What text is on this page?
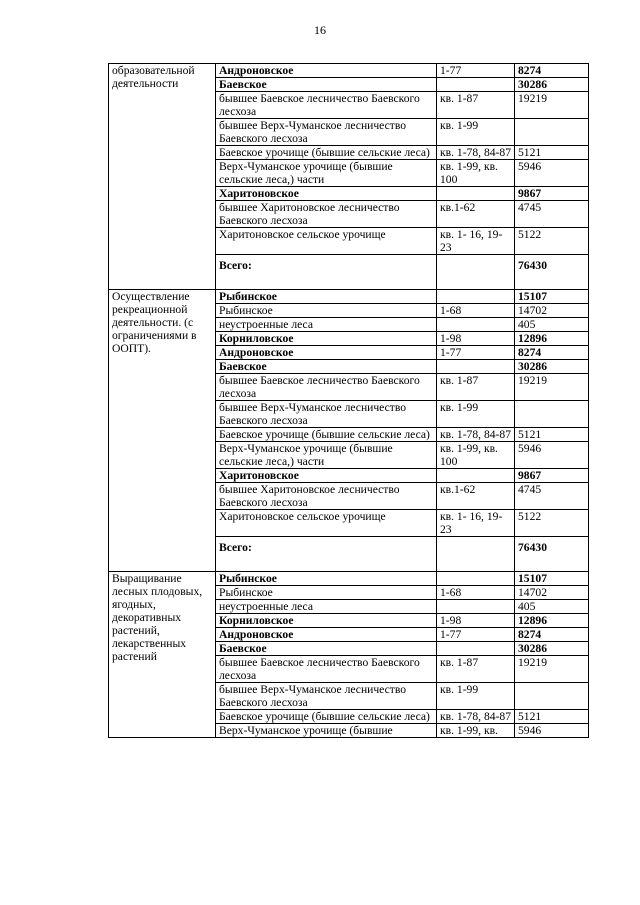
16
образовательной деятельности	Андроновское	1-77	8274
	Баевское		30286
	бывшее Баевское лесничество Баевского лесхоза	кв. 1-87	19219
	бывшее Верх-Чуманское лесничество Баевского лесхоза	кв. 1-99	
	Баевское урочище (бывшие сельские леса)	кв. 1-78, 84-87	5121
	Верх-Чуманское урочище (бывшие сельские леса,) части	кв. 1-99, кв. 100	5946
	Харитоновское		9867
	бывшее Харитоновское лесничество Баевского лесхоза	кв.1-62	4745
	Харитоновское сельское урочище	кв. 1- 16, 19-23	5122
	Всего:		76430
Осуществление рекреационной деятельности. (с ограничениями в ООПТ).	Рыбинское		15107
	Рыбинское	1-68	14702
	неустроенные леса		405
	Корниловское	1-98	12896
	Андроновское	1-77	8274
	Баевское		30286
	бывшее Баевское лесничество Баевского лесхоза	кв. 1-87	19219
	бывшее Верх-Чуманское лесничество Баевского лесхоза	кв. 1-99	
	Баевское урочище (бывшие сельские леса)	кв. 1-78, 84-87	5121
	Верх-Чуманское урочище (бывшие сельские леса,) части	кв. 1-99, кв. 100	5946
	Харитоновское		9867
	бывшее Харитоновское лесничество Баевского лесхоза	кв.1-62	4745
	Харитоновское сельское урочище	кв. 1- 16, 19-23	5122
	Всего:		76430
Выращивание лесных плодовых, ягодных, декоративных растений, лекарственных растений	Рыбинское		15107
	Рыбинское	1-68	14702
	неустроенные леса		405
	Корниловское	1-98	12896
	Андроновское	1-77	8274
	Баевское		30286
	бывшее Баевское лесничество Баевского лесхоза	кв. 1-87	19219
	бывшее Верх-Чуманское лесничество Баевского лесхоза	кв. 1-99	
	Баевское урочище (бывшие сельские леса)	кв. 1-78, 84-87	5121
	Верх-Чуманское урочище (бывшие	кв. 1-99, кв.	5946
